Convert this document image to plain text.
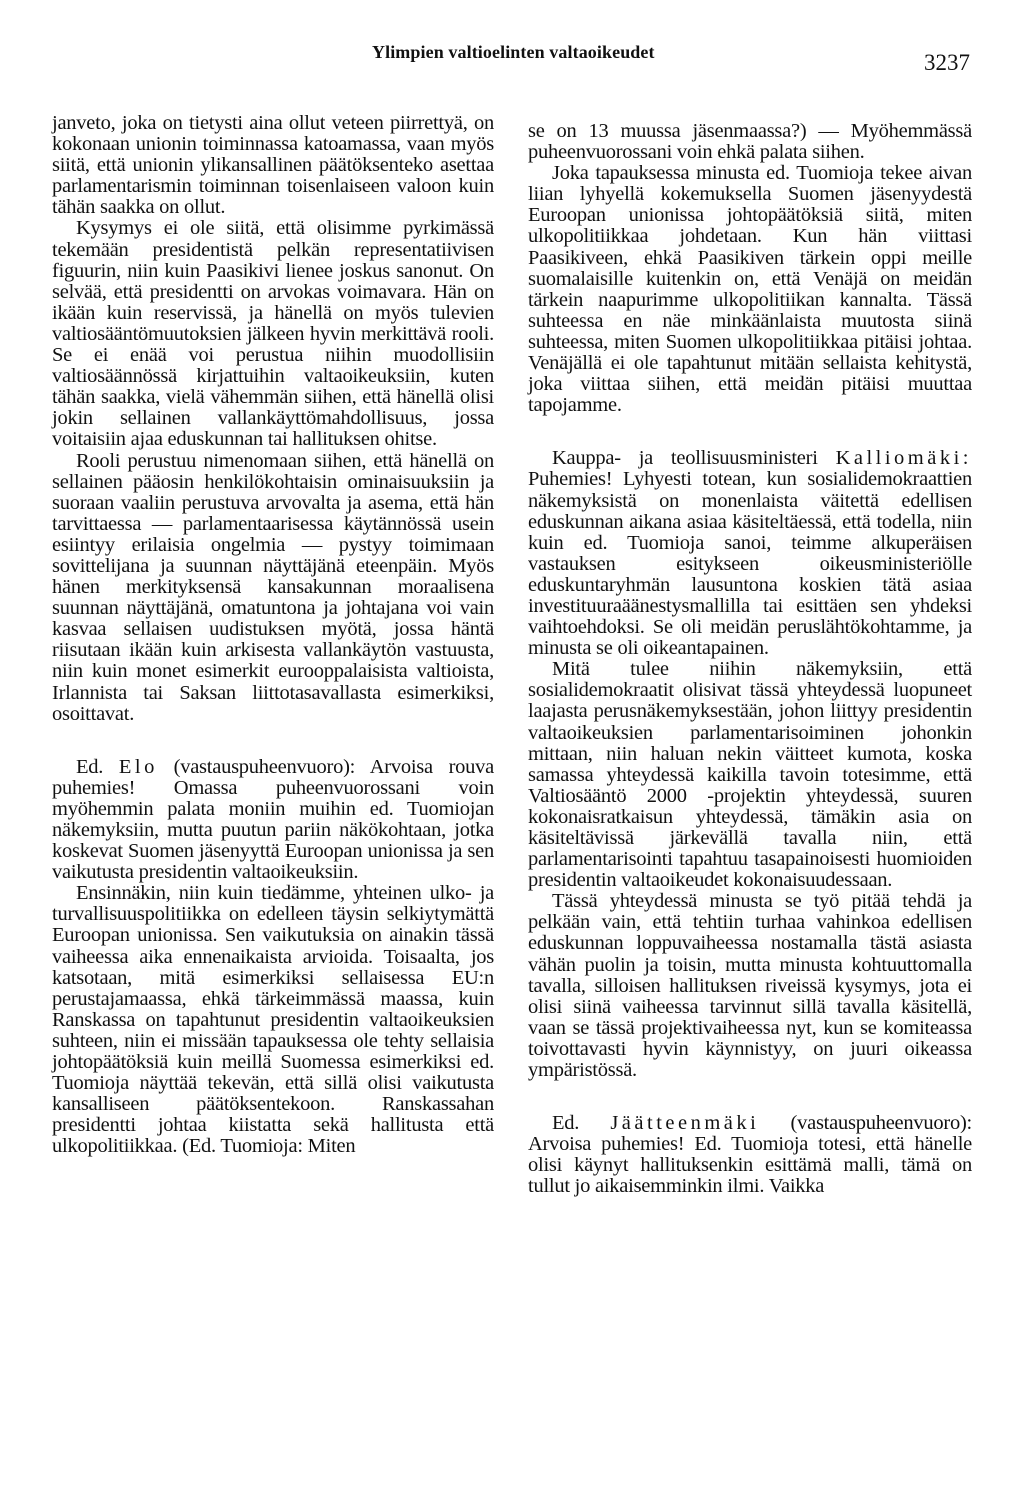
Ylimpien valtioelinten valtaoikeudet	3237

janveto, joka on tietysti aina ollut veteen piirrettyä, on kokonaan unionin toiminnassa katoamassa, vaan myös siitä, että unionin ylikansallinen päätöksenteko asettaa parlamentarismin toiminnan toisenlaiseen valoon kuin tähän saakka on ollut.

Kysymys ei ole siitä, että olisimme pyrkimässä tekemään presidentistä pelkän representatiivisen figuurin, niin kuin Paasikivi lienee joskus sanonut. On selvää, että presidentti on arvokas voimavara. Hän on ikään kuin reservissä, ja hänellä on myös tulevien valtiosääntömuutoksien jälkeen hyvin merkittävä rooli. Se ei enää voi perustua niihin muodollisiin valtiosäännössä kirjattuihin valtaoikeuksiin, kuten tähän saakka, vielä vähemmän siihen, että hänellä olisi jokin sellainen vallankäyttömahdollisuus, jossa voitaisiin ajaa eduskunnan tai hallituksen ohitse.

Rooli perustuu nimenomaan siihen, että hänellä on sellainen pääosin henkilökohtaisin ominaisuuksiin ja suoraan vaaliin perustuva arvovalta ja asema, että hän tarvittaessa — parlamentaarisessa käytännössä usein esiintyy erilaisia ongelmia — pystyy toimimaan sovittelijana ja suunnan näyttäjänä eteenpäin. Myös hänen merkityksensä kansakunnan moraalisena suunnan näyttäjänä, omatuntona ja johtajana voi vain kasvaa sellaisen uudistuksen myötä, jossa häntä riisutaan ikään kuin arkisesta vallankäytön vastuusta, niin kuin monet esimerkit eurooppalaisista valtioista, Irlannista tai Saksan liittotasavallasta esimerkiksi, osoittavat.

Ed. Elo (vastauspuheenvuoro): Arvoisa rouva puhemies! Omassa puheenvuorossani voin myöhemmin palata moniin muihin ed. Tuomiojan näkemyksiin, mutta puutun pariin näkökohtaan, jotka koskevat Suomen jäsenyyttä Euroopan unionissa ja sen vaikutusta presidentin valtaoikeuksiin.

Ensinnäkin, niin kuin tiedämme, yhteinen ulko- ja turvallisuuspolitiikka on edelleen täysin selkiytymättä Euroopan unionissa. Sen vaikutuksia on ainakin tässä vaiheessa aika ennenaikaista arvioida. Toisaalta, jos katsotaan, mitä esimerkiksi sellaisessa EU:n perustajamaassa, ehkä tärkeimmässä maassa, kuin Ranskassa on tapahtunut presidentin valtaoikeuksien suhteen, niin ei missään tapauksessa ole tehty sellaisia johtopäätöksiä kuin meillä Suomessa esimerkiksi ed. Tuomioja näyttää tekevän, että sillä olisi vaikutusta kansalliseen päätöksentekoon. Ranskassahan presidentti johtaa kiistatta sekä hallitusta että ulkopolitiikkaa. (Ed. Tuomioja: Miten

se on 13 muussa jäsenmaassa?) — Myöhemmässä puheenvuorossani voin ehkä palata siihen.

Joka tapauksessa minusta ed. Tuomioja tekee aivan liian lyhyellä kokemuksella Suomen jäsenyydestä Euroopan unionissa johtopäätöksiä siitä, miten ulkopolitiikkaa johdetaan. Kun hän viittasi Paasikiveen, ehkä Paasikiven tärkein oppi meille suomalaisille kuitenkin on, että Venäjä on meidän tärkein naapurimme ulkopolitiikan kannalta. Tässä suhteessa en näe minkäänlaista muutosta siinä suhteessa, miten Suomen ulkopolitiikkaa pitäisi johtaa. Venäjällä ei ole tapahtunut mitään sellaista kehitystä, joka viittaa siihen, että meidän pitäisi muuttaa tapojamme.

Kauppa- ja teollisuusministeri Kalliomäki: Puhemies! Lyhyesti totean, kun sosialidemokraattien näkemyksistä on monenlaista väitettä edellisen eduskunnan aikana asiaa käsiteltäessä, että todella, niin kuin ed. Tuomioja sanoi, teimme alkuperäisen vastauksen esitykseen oikeusministeriölle eduskuntaryhmän lausuntona koskien tätä asiaa investituuraäänestysmallilla tai esittäen sen yhdeksi vaihtoehdoksi. Se oli meidän peruslähtökohtamme, ja minusta se oli oikeantapainen.

Mitä tulee niihin näkemyksiin, että sosialidemokraatit olisivat tässä yhteydessä luopuneet laajasta perusnäkemyksestään, johon liittyy presidentin valtaoikeuksien parlamentarisoiminen johonkin mittaan, niin haluan nekin väitteet kumota, koska samassa yhteydessä kaikilla tavoin totesimme, että Valtiosääntö 2000 -projektin yhteydessä, suuren kokonaisratkaisun yhteydessä, tämäkin asia on käsiteltävissä järkevällä tavalla niin, että parlamentarisointi tapahtuu tasapainoisesti huomioiden presidentin valtaoikeudet kokonaisuudessaan.

Tässä yhteydessä minusta se työ pitää tehdä ja pelkään vain, että tehtiin turhaa vahinkoa edellisen eduskunnan loppuvaiheessa nostamalla tästä asiasta vähän puolin ja toisin, mutta minusta kohtuuttomalla tavalla, silloisen hallituksen riveissä kysymys, jota ei olisi siinä vaiheessa tarvinnut sillä tavalla käsitellä, vaan se tässä projektivaiheessa nyt, kun se komiteassa toivottavasti hyvin käynnistyy, on juuri oikeassa ympäristössä.

Ed. Jäätteenmäki (vastauspuheenvuoro): Arvoisa puhemies! Ed. Tuomioja totesi, että hänelle olisi käynyt hallituksenkin esittämä malli, tämä on tullut jo aikaisemminkin ilmi. Vaikka
